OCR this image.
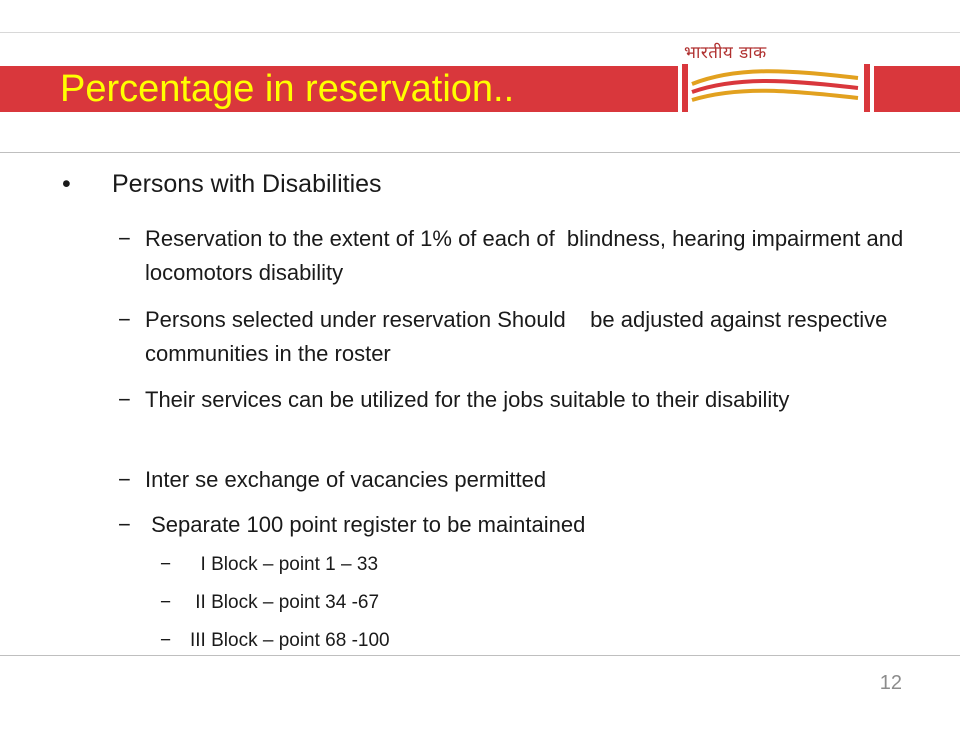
Percentage in reservation..
भारतीय डाक
•	Persons with Disabilities
− Reservation to the extent of 1% of each of  blindness, hearing impairment and locomotors disability
− Persons selected under reservation Should    be adjusted against respective communities in the roster
− Their services can be utilized for the jobs suitable to their disability
− Inter se exchange of vacancies permitted
− Separate 100 point register to be maintained

−

I Block – point 1 – 33

−

II Block – point 34 -67

−

III Block – point 68 -100

12
